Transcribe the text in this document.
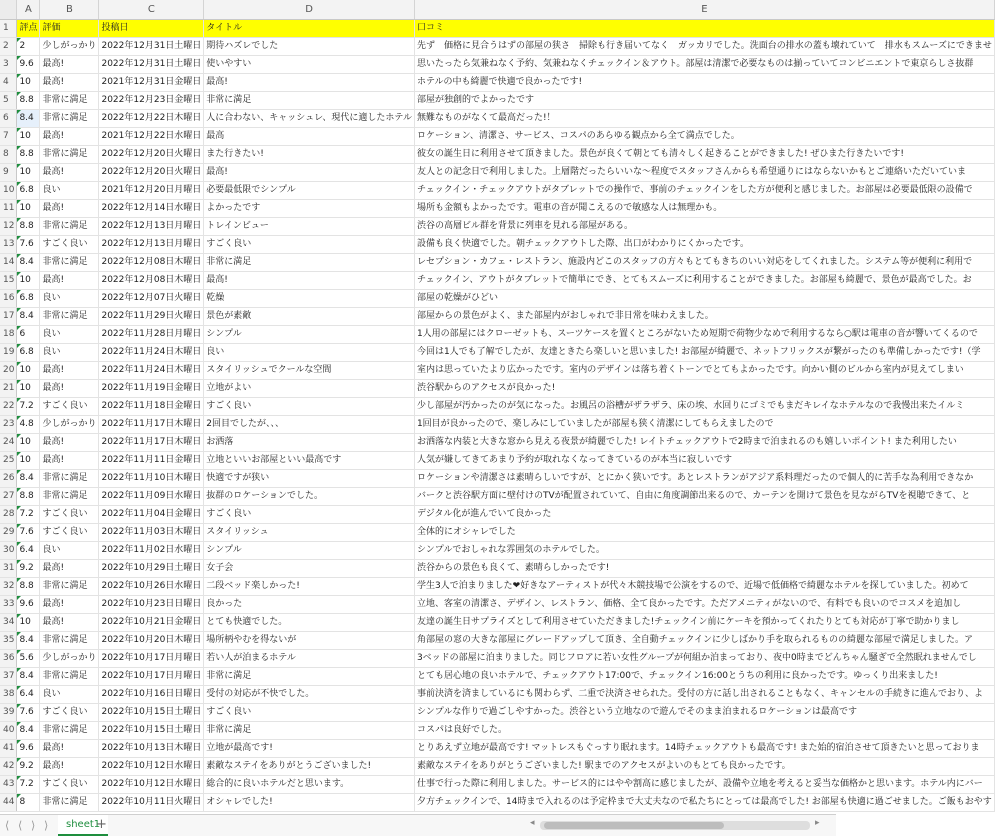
	A	B	C	D	E
1	評点	評価	投稿日	タイトル	口コミ
2	2	少しがっかり	2022年12月31日土曜日	期待ハズレでした	先ず　価格に見合うはずの部屋の狭さ　掃除も行き届いてなく　ガッカリでした。洗面台の排水の蓋も壊れていて　排水もスムーズにできませ
3	9.6	最高!	2022年12月31日土曜日	使いやすい	思いたったら気兼ねなく予約、気兼ねなくチェックイン＆アウト。部屋は清潔で必要なものは揃っていてコンビニエントで東京らしさ抜群
4	10	最高!	2021年12月31日金曜日	最高!	ホテルの中も綺麗で快適で良かったです!
5	8.8	非常に満足	2022年12月23日金曜日	非常に満足	部屋が独創的でよかったです
6	8.4	非常に満足	2022年12月22日木曜日	人に合わない、キャッシュレ、現代に適したホテル	無難なものがなくて最高だった!！
7	10	最高!	2021年12月22日水曜日	最高	ロケーション、清潔さ、サービス、コスパのあらゆる観点から全て満点でした。
8	8.8	非常に満足	2022年12月20日火曜日	また行きたい!	彼女の誕生日に利用させて頂きました。景色が良くて朝とても清々しく起きることができました! ぜひまた行きたいです!
9	10	最高!	2022年12月20日火曜日	最高!	友人との記念日で利用しました。上層階だったらいいな〜程度でスタッフさんからも希望通りにはならないかもとご連絡いただいていま
10	6.8	良い	2021年12月20日月曜日	必要最低限でシンプル	チェックイン・チェックアウトがタブレットでの操作で、事前のチェックインをした方が便利と感じました。お部屋は必要最低限の設備で
11	10	最高!	2022年12月14日水曜日	よかったです	場所も金額もよかったです。電車の音が聞こえるので敏感な人は無理かも。
12	8.8	非常に満足	2022年12月13日月曜日	トレインビュー	渋谷の高層ビル群を背景に列車を見れる部屋がある。
13	7.6	すごく良い	2022年12月13日月曜日	すごく良い	設備も良く快適でした。朝チェックアウトした際、出口がわかりにくかったです。
14	8.4	非常に満足	2022年12月08日木曜日	非常に満足	レセプション・カフェ・レストラン、施設内どこのスタッフの方々もとてもきちのいい対応をしてくれました。システム等が便利に利用で
15	10	最高!	2022年12月08日木曜日	最高!	チェックイン、アウトがタブレットで簡単にでき、とてもスムーズに利用することができました。お部屋も綺麗で、景色が最高でした。お
16	6.8	良い	2022年12月07日火曜日	乾燥	部屋の乾燥がひどい
17	8.4	非常に満足	2022年11月29日火曜日	景色が素敵	部屋からの景色がよく、また部屋内がおしゃれで非日常を味わえました。
18	6	良い	2022年11月28日月曜日	シンプル	1人用の部屋にはクローゼットも、スーツケースを置くところがないため短期で荷物少なめで利用するなら○駅は電車の音が響いてくるので
19	6.8	良い	2022年11月24日木曜日	良い	今回は1人でも了解でしたが、友達ときたら楽しいと思いました! お部屋が綺麗で、ネットフリックスが繋がったのも準備しかったです!（学
20	10	最高!	2022年11月24日木曜日	スタイリッシュでクールな空間	室内は思っていたより広かったです。室内のデザインは落ち着くトーンでとてもよかったです。向かい側のビルから室内が見えてしまい
21	10	最高!	2022年11月19日金曜日	立地がよい	渋谷駅からのアクセスが良かった!
22	7.2	すごく良い	2022年11月18日金曜日	すごく良い	少し部屋が汚かったのが気になった。お風呂の浴槽がザラザラ、床の埃、水回りにゴミでもまだキレイなホテルなので我慢出来たイルミ
23	4.8	少しがっかり	2022年11月17日木曜日	2回目でしたが、、、	1回目が良かったので、楽しみにしていましたが部屋も狭く清潔にしてもらえましたので
24	10	最高!	2022年11月17日木曜日	お洒落	お洒落な内装と大きな窓から見える夜景が綺麗でした! レイトチェックアウトで2時まで泊まれるのも嬉しいポイント! また利用したい
25	10	最高!	2022年11月11日金曜日	立地といいお部屋といい最高です	人気が嫌してきてあまり予約が取れなくなってきているのが本当に寂しいです
26	8.4	非常に満足	2022年11月10日木曜日	快適ですが狭い	ロケーションや清潔さは素晴らしいですが、とにかく狭いです。あとレストランがアジア系料理だったので個人的に苦手な為利用できなか
27	8.8	非常に満足	2022年11月09日水曜日	抜群のロケーションでした。	バークと渋谷駅方面に壁付けのTVが配置されていて、自由に角度調節出来るので、カーテンを開けて景色を見ながらTVを視聴できて、と
28	7.2	すごく良い	2022年11月04日金曜日	すごく良い	デジタル化が進んでいて良かった
29	7.6	すごく良い	2022年11月03日木曜日	スタイリッシュ	全体的にオシャレでした
30	6.4	良い	2022年11月02日水曜日	シンプル	シンプルでおしゃれな雰囲気のホテルでした。
31	9.2	最高!	2022年10月29日土曜日	女子会	渋谷からの景色も良くて、素晴らしかったです!
32	8.8	非常に満足	2022年10月26日水曜日	二段ベッド楽しかった!	学生3人で泊まりました❤好きなアーティストが代々木競技場で公演をするので、近場で低価格で綺麗なホテルを探していました。初めて
33	9.6	最高!	2022年10月23日日曜日	良かった	立地、客室の清潔さ、デザイン、レストラン、価格、全て良かったです。ただアメニティがないので、有料でも良いのでコスメを追加し
34	10	最高!	2022年10月21日金曜日	とても快適でした。	友達の誕生日サプライズとして利用させていただきました!チェックイン前にケーキを預かってくれたりとても対応が丁寧で助かりまし
35	8.4	非常に満足	2022年10月20日木曜日	場所柄やむを得ないが	角部屋の窓の大きな部屋にグレードアップして頂き、全自動チェックインに少しばかり手を取られるものの綺麗な部屋で満足しました。ア
36	5.6	少しがっかり	2022年10月17日月曜日	若い人が泊まるホテル	3ベッドの部屋に泊まりました。同じフロアに若い女性グループが何組か泊まっており、夜中0時までどんちゃん騒ぎで全然眠れませんでし
37	8.4	非常に満足	2022年10月17日月曜日	非常に満足	とても居心地の良いホテルで、チェックアウト17:00で、チェックイン16:00とうちの利用に良かったです。ゆっくり出来ました!
38	6.4	良い	2022年10月16日日曜日	受付の対応が不快でした。	事前決済を済ましているにも関わらず、二重で決済させられた。受付の方に話し出されることもなく、キャンセルの手続きに進んでおり、よ
39	7.6	すごく良い	2022年10月15日土曜日	すごく良い	シンプルな作りで過ごしやすかった。渋谷という立地なので遊んでそのまま泊まれるロケーションは最高です
40	8.4	非常に満足	2022年10月15日土曜日	非常に満足	コスパは良好でした。
41	9.6	最高!	2022年10月13日木曜日	立地が最高です!	とりあえず立地が最高です! マットレスもぐっすり眠れます。14時チェックアウトも最高です! また始的宿泊させて頂きたいと思っておりま
42	9.2	最高!	2022年10月12日水曜日	素敵なステイをありがとうございました!	素敵なステイをありがとうございました! 駅までのアクセスがよいのもとても良かったです。
43	7.2	すごく良い	2022年10月12日水曜日	総合的に良いホテルだと思います。	仕事で行った際に利用しました。サービス的にはやや割高に感じましたが、設備や立地を考えると妥当な価格かと思います。ホテル内にバー
44	8	非常に満足	2022年10月11日火曜日	オシャレでした!	夕方チェックインで、14時まで入れるのは予定枠まで大丈夫なので私たちにとっては最高でした! お部屋も快適に過ごせました。ご飯もおやす
⟨ ⟨ ⟩ ⟩	sheet1
+	◂	▸
